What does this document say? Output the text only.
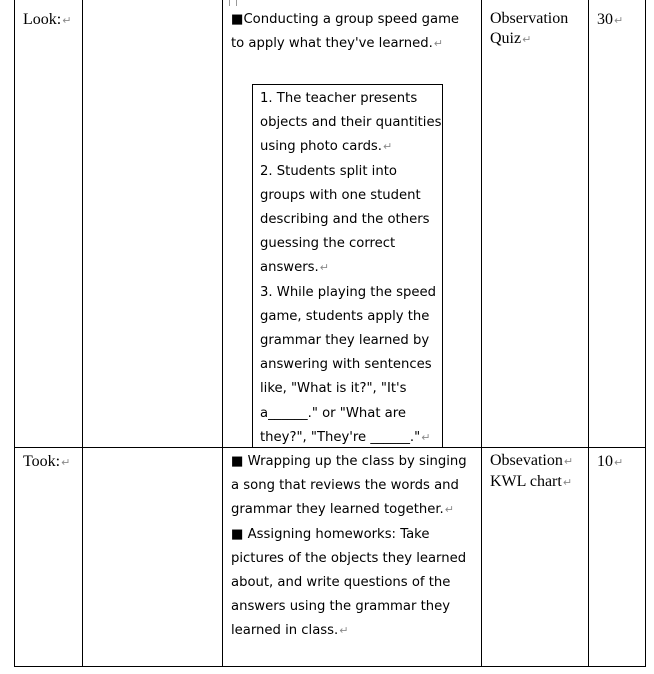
Look:↵	■Conducting a group speed game
to apply what they've learned.↵
1. The teacher presents
objects and their quantities
using photo cards.↵
2. Students split into
groups with one student
describing and the others
guessing the correct
answers.↵
3. While playing the speed
game, students apply the
grammar they learned by
answering with sentences
like, "What is it?", "It's
a______." or "What are
they?", "They're ______."↵
Observation
Quiz↵
30↵
Took:↵	■ Wrapping up the class by singing
a song that reviews the words and
grammar they learned together.↵
■ Assigning homeworks: Take
pictures of the objects they learned
about, and write questions of the
answers using the grammar they
learned in class.↵
Obsevation↵
KWL chart↵
10↵
